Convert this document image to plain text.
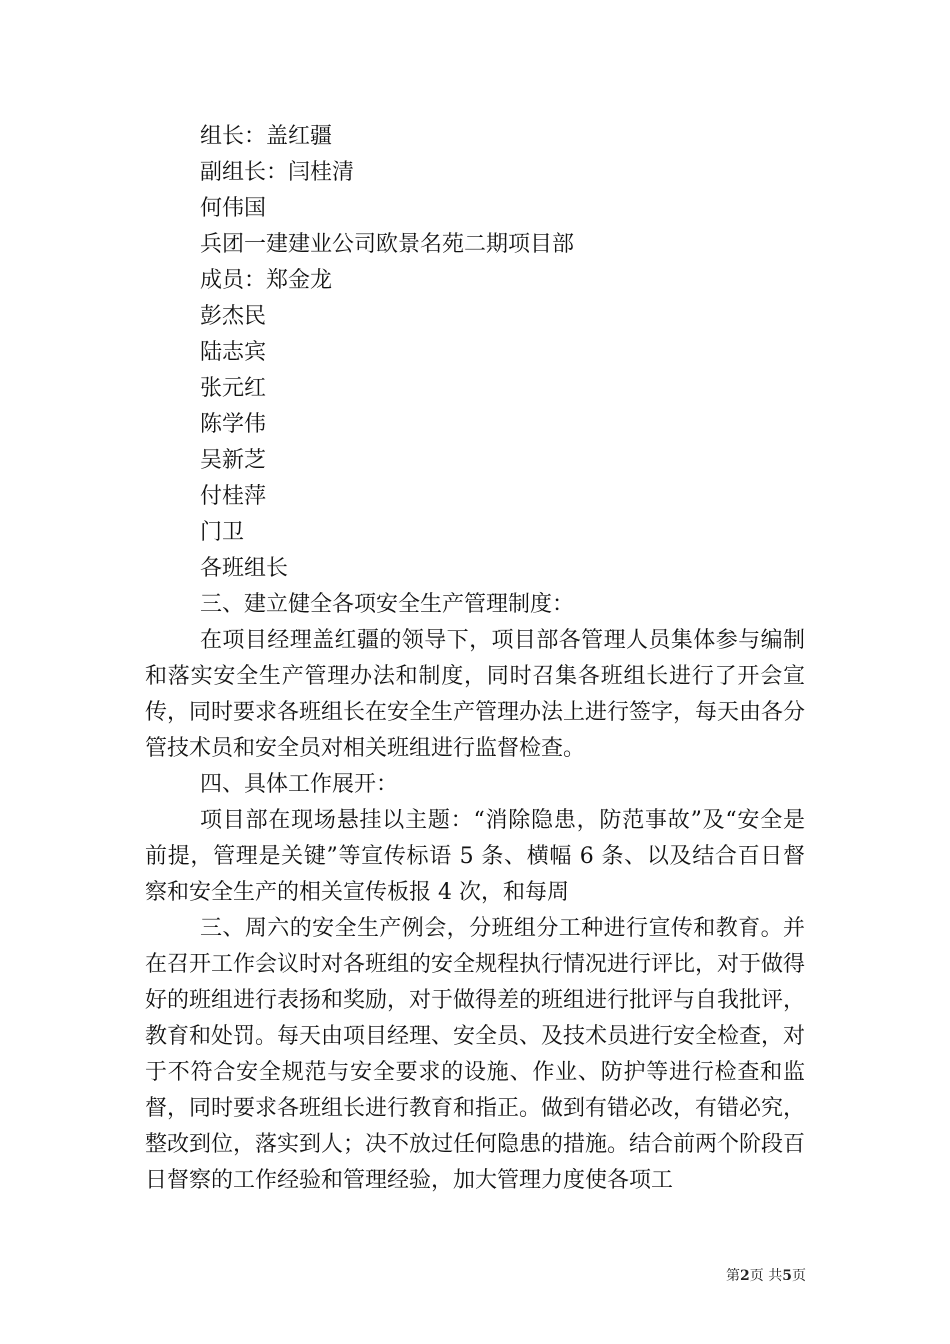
组长：盖红疆
副组长：闫桂清
何伟国
兵团一建建业公司欧景名苑二期项目部
成员：郑金龙
彭杰民
陆志宾
张元红
陈学伟
吴新芝
付桂萍
门卫
各班组长
三、建立健全各项安全生产管理制度：

在项目经理盖红疆的领导下，项目部各管理人员集体参与编制和落实安全生产管理办法和制度，同时召集各班组长进行了开会宣传，同时要求各班组长在安全生产管理办法上进行签字，每天由各分管技术员和安全员对相关班组进行监督检查。

四、具体工作展开：

项目部在现场悬挂以主题：“消除隐患，防范事故”及“安全是前提，管理是关键”等宣传标语 5 条、横幅 6 条、以及结合百日督察和安全生产的相关宣传板报 4 次，和每周

三、周六的安全生产例会，分班组分工种进行宣传和教育。并在召开工作会议时对各班组的安全规程执行情况进行评比，对于做得好的班组进行表扬和奖励，对于做得差的班组进行批评与自我批评，教育和处罚。每天由项目经理、安全员、及技术员进行安全检查，对于不符合安全规范与安全要求的设施、作业、防护等进行检查和监督，同时要求各班组长进行教育和指正。做到有错必改，有错必究，整改到位，落实到人；决不放过任何隐患的措施。结合前两个阶段百日督察的工作经验和管理经验，加大管理力度使各项工

第2页 共5页
